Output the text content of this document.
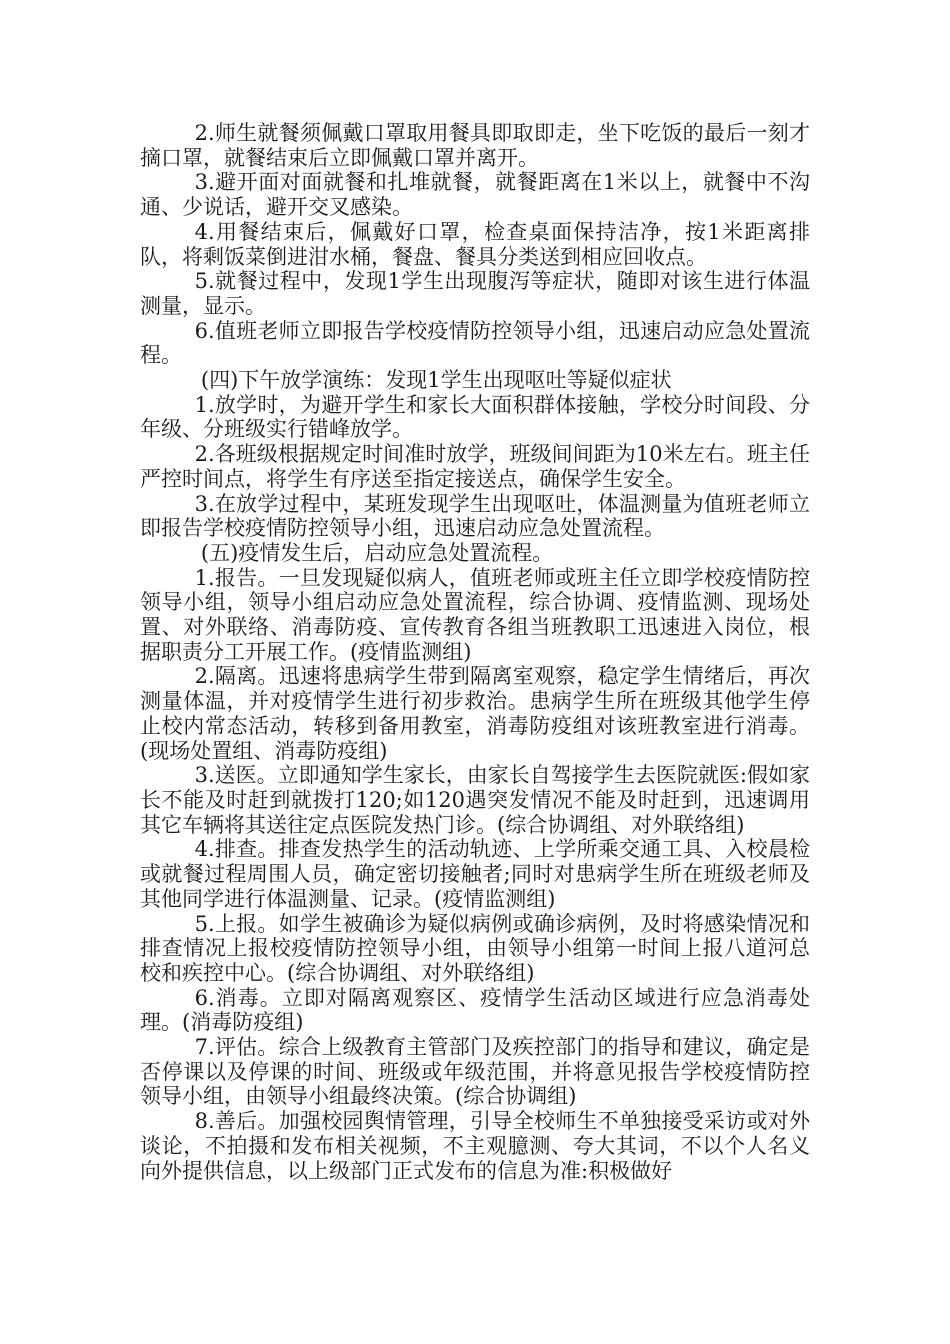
2.师生就餐须佩戴口罩取用餐具即取即走，坐下吃饭的最后一刻才摘口罩，就餐结束后立即佩戴口罩并离开。

3.避开面对面就餐和扎堆就餐，就餐距离在1米以上，就餐中不沟通、少说话，避开交叉感染。

4.用餐结束后，佩戴好口罩，检查桌面保持洁净，按1米距离排队，将剩饭菜倒进泔水桶，餐盘、餐具分类送到相应回收点。

5.就餐过程中，发现1学生出现腹泻等症状，随即对该生进行体温测量，显示。

6.值班老师立即报告学校疫情防控领导小组，迅速启动应急处置流程。

(四)下午放学演练：发现1学生出现呕吐等疑似症状

1.放学时，为避开学生和家长大面积群体接触，学校分时间段、分年级、分班级实行错峰放学。

2.各班级根据规定时间准时放学，班级间间距为10米左右。班主任严控时间点，将学生有序送至指定接送点，确保学生安全。

3.在放学过程中，某班发现学生出现呕吐，体温测量为值班老师立即报告学校疫情防控领导小组，迅速启动应急处置流程。

(五)疫情发生后，启动应急处置流程。

1.报告。一旦发现疑似病人，值班老师或班主任立即学校疫情防控领导小组，领导小组启动应急处置流程，综合协调、疫情监测、现场处置、对外联络、消毒防疫、宣传教育各组当班教职工迅速进入岗位，根据职责分工开展工作。(疫情监测组)

2.隔离。迅速将患病学生带到隔离室观察，稳定学生情绪后，再次测量体温，并对疫情学生进行初步救治。患病学生所在班级其他学生停止校内常态活动，转移到备用教室，消毒防疫组对该班教室进行消毒。(现场处置组、消毒防疫组)

3.送医。立即通知学生家长，由家长自驾接学生去医院就医:假如家长不能及时赶到就拨打120;如120遇突发情况不能及时赶到，迅速调用其它车辆将其送往定点医院发热门诊。(综合协调组、对外联络组)

4.排查。排查发热学生的活动轨迹、上学所乘交通工具、入校晨检或就餐过程周围人员，确定密切接触者;同时对患病学生所在班级老师及其他同学进行体温测量、记录。(疫情监测组)

5.上报。如学生被确诊为疑似病例或确诊病例，及时将感染情况和排查情况上报校疫情防控领导小组，由领导小组第一时间上报八道河总校和疾控中心。(综合协调组、对外联络组)

6.消毒。立即对隔离观察区、疫情学生活动区域进行应急消毒处理。(消毒防疫组)

7.评估。综合上级教育主管部门及疾控部门的指导和建议，确定是否停课以及停课的时间、班级或年级范围，并将意见报告学校疫情防控领导小组，由领导小组最终决策。(综合协调组)

8.善后。加强校园舆情管理，引导全校师生不单独接受采访或对外谈论，不拍摄和发布相关视频，不主观臆测、夸大其词，不以个人名义向外提供信息，以上级部门正式发布的信息为准:积极做好
